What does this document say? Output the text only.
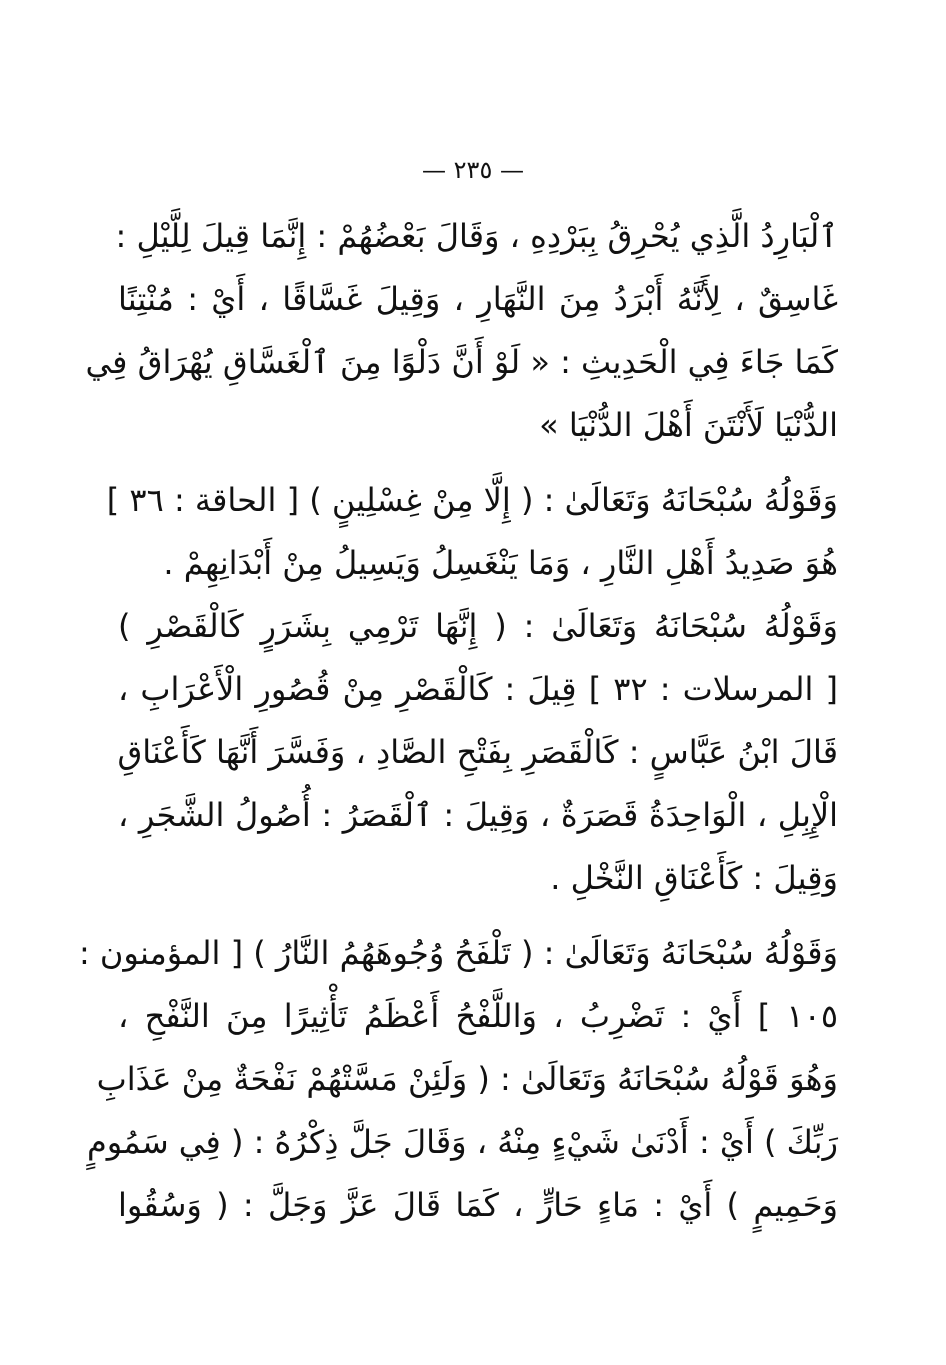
— ٢٣٥ —
ٱلْبَارِدُ الَّذِي يُحْرِقُ بِبَرْدِهِ ، وَقَالَ بَعْضُهُمْ : إِنَّمَا قِيلَ لِلَّيْلِ :
غَاسِقٌ ، لِأَنَّهُ أَبْرَدُ مِنَ النَّهَارِ ، وَقِيلَ غَسَّاقًا ، أَيْ : مُنْتِنًا
كَمَا جَاءَ فِي الْحَدِيثِ : « لَوْ أَنَّ دَلْوًا مِنَ ٱلْغَسَّاقِ يُهْرَاقُ فِي
الدُّنْيَا لَأَنْتَنَ أَهْلَ الدُّنْيَا »
وَقَوْلُهُ سُبْحَانَهُ وَتَعَالَىٰ : ( إِلَّا مِنْ غِسْلِينٍ ) [ الحاقة : ٣٦ ]
هُوَ صَدِيدُ أَهْلِ النَّارِ ، وَمَا يَنْغَسِلُ وَيَسِيلُ مِنْ أَبْدَانِهِمْ .
وَقَوْلُهُ سُبْحَانَهُ وَتَعَالَىٰ : ( إِنَّهَا تَرْمِي بِشَرَرٍ كَالْقَصْرِ )
[ المرسلات : ٣٢ ] قِيلَ : كَالْقَصْرِ مِنْ قُصُورِ الْأَعْرَابِ ،
قَالَ ابْنُ عَبَّاسٍ : كَالْقَصَرِ بِفَتْحِ الصَّادِ ، وَفَسَّرَ أَنَّهَا كَأَعْنَاقِ
الْإِبِلِ ، الْوَاحِدَةُ قَصَرَةٌ ، وَقِيلَ : ٱلْقَصَرُ : أُصُولُ الشَّجَرِ ،
وَقِيلَ : كَأَعْنَاقِ النَّخْلِ .
وَقَوْلُهُ سُبْحَانَهُ وَتَعَالَىٰ : ( تَلْفَحُ وُجُوهَهُمُ النَّارُ ) [ المؤمنون :
١٠٥ ] أَيْ : تَضْرِبُ ، وَاللَّفْحُ أَعْظَمُ تَأْثِيرًا مِنَ النَّفْحِ ،
وَهُوَ قَوْلُهُ سُبْحَانَهُ وَتَعَالَىٰ : ( وَلَئِنْ مَسَّتْهُمْ نَفْحَةٌ مِنْ عَذَابِ
رَبِّكَ ) أَيْ : أَدْنَىٰ شَيْءٍ مِنْهُ ، وَقَالَ جَلَّ ذِكْرُهُ : ( فِي سَمُومٍ
وَحَمِيمٍ ) أَيْ : مَاءٍ حَارٍّ ، كَمَا قَالَ عَزَّ وَجَلَّ : ( وَسُقُوا
